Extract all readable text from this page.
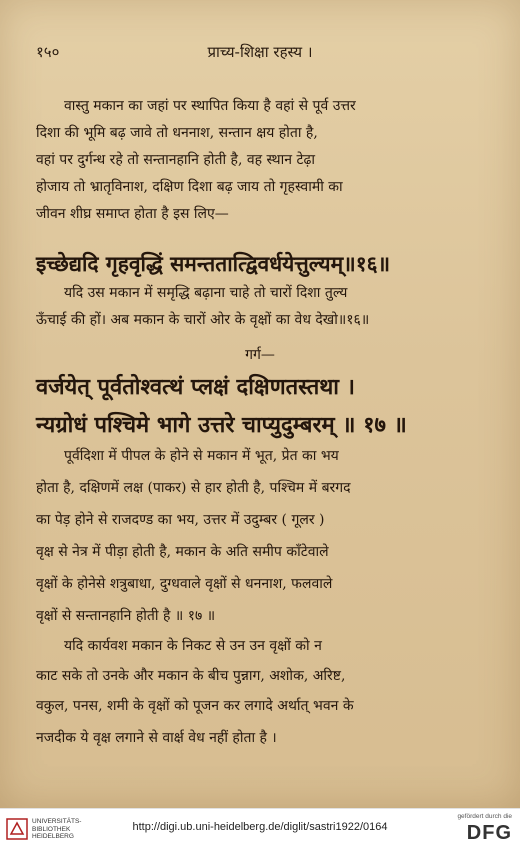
१५०	प्राच्य-शिक्षा रहस्य ।
वास्तु मकान का जहां पर स्थापित किया है वहां से पूर्व उत्तर
दिशा की भूमि बढ़ जावे तो धननाश, सन्तान क्षय होता है,
वहां पर दुर्गन्ध रहे तो सन्तानहानि होती है, वह स्थान टेढ़ा
होजाय तो भ्रातृविनाश, दक्षिण दिशा बढ़ जाय तो गृहस्वामी का
जीवन शीघ्र समाप्त होता है इस लिए—
इच्छेद्यदि गृहवृद्धिं समन्ततात्द्विवर्धयेत्तुल्यम्॥१६॥
यदि उस मकान में समृद्धि बढ़ाना चाहे तो चारों दिशा तुल्य
ऊँचाई की हों। अब मकान के चारों ओर के वृक्षों का वेध देखो॥१६॥
गर्ग—
वर्जयेत् पूर्वतोश्वत्थं प्लक्षं दक्षिणतस्तथा ।
न्यग्रोधं पश्चिमे भागे उत्तरे चाप्युदुम्बरम् ॥ १७ ॥
पूर्वदिशा में पीपल के होने से मकान में भूत, प्रेत का भय
होता है, दक्षिणमें लक्ष (पाकर) से हार होती है, पश्चिम में बरगद
का पेड़ होने से राजदण्ड का भय, उत्तर में उदुम्बर ( गूलर )
वृक्ष से नेत्र में पीड़ा होती है, मकान के अति समीप काँटेवाले
वृक्षों के होनेसे शत्रुबाधा, दुग्धवाले वृक्षों से धननाश, फलवाले
वृक्षों से सन्तानहानि होती है ॥ १७ ॥
यदि कार्यवश मकान के निकट से उन उन वृक्षों को न
काट सके तो उनके और मकान के बीच पुन्नाग, अशोक, अरिष्ट,
वकुल, पनस, शमी के वृक्षों को पूजन कर लगादे अर्थात् भवन के
नजदीक ये वृक्ष लगाने से वार्क्ष वेध नहीं होता है ।
UNIVERSITÄTS-BIBLIOTHEK HEIDELBERG
http://digi.ub.uni-heidelberg.de/diglit/sastri1922/0164
gefördert durch die
DFG
